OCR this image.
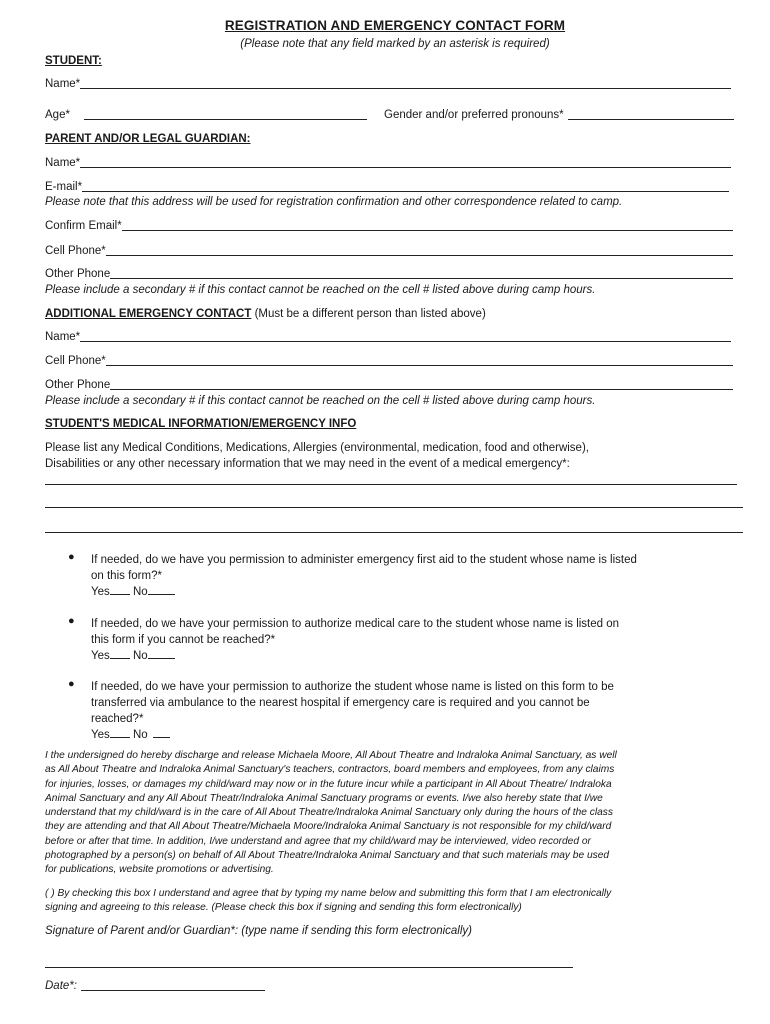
REGISTRATION AND EMERGENCY CONTACT FORM
(Please note that any field marked by an asterisk is required)
STUDENT:
Name*
Age*	Gender and/or preferred pronouns*
PARENT AND/OR LEGAL GUARDIAN:
Name*
E-mail*
Please note that this address will be used for registration confirmation and other correspondence related to camp.
Confirm Email*
Cell Phone*
Other Phone
Please include a secondary # if this contact cannot be reached on the cell # listed above during camp hours.
ADDITIONAL EMERGENCY CONTACT (Must be a different person than listed above)
Name*
Cell Phone*
Other Phone
Please include a secondary # if this contact cannot be reached on the cell # listed above during camp hours.
STUDENT'S MEDICAL INFORMATION/EMERGENCY INFO
Please list any Medical Conditions, Medications, Allergies (environmental, medication, food and otherwise),
Disabilities or any other necessary information that we may need in the event of a medical emergency*:
● If needed, do we have you permission to administer emergency first aid to the student whose name is listed
on this form?*
Yes No
● If needed, do we have your permission to authorize medical care to the student whose name is listed on
this form if you cannot be reached?*
Yes No
● If needed, do we have your permission to authorize the student whose name is listed on this form to be
transferred via ambulance to the nearest hospital if emergency care is required and you cannot be
reached?*
Yes No
I the undersigned do hereby discharge and release Michaela Moore, All About Theatre and Indraloka Animal Sanctuary, as well
as All About Theatre and Indraloka Animal Sanctuary's teachers, contractors, board members and employees, from any claims
for injuries, losses, or damages my child/ward may now or in the future incur while a participant in All About Theatre/ Indraloka
Animal Sanctuary and any All About Theatr/Indraloka Animal Sanctuary programs or events. I/we also hereby state that I/we
understand that my child/ward is in the care of All About Theatre/Indraloka Animal Sanctuary only during the hours of the class
they are attending and that All About Theatre/Michaela Moore/Indraloka Animal Sanctuary is not responsible for my child/ward
before or after that time. In addition, I/we understand and agree that my child/ward may be interviewed, video recorded or
photographed by a person(s) on behalf of All About Theatre/Indraloka Animal Sanctuary and that such materials may be used
for publications, website promotions or advertising.
( ) By checking this box I understand and agree that by typing my name below and submitting this form that I am electronically
signing and agreeing to this release. (Please check this box if signing and sending this form electronically)
Signature of Parent and/or Guardian*: (type name if sending this form electronically)
Date*:
